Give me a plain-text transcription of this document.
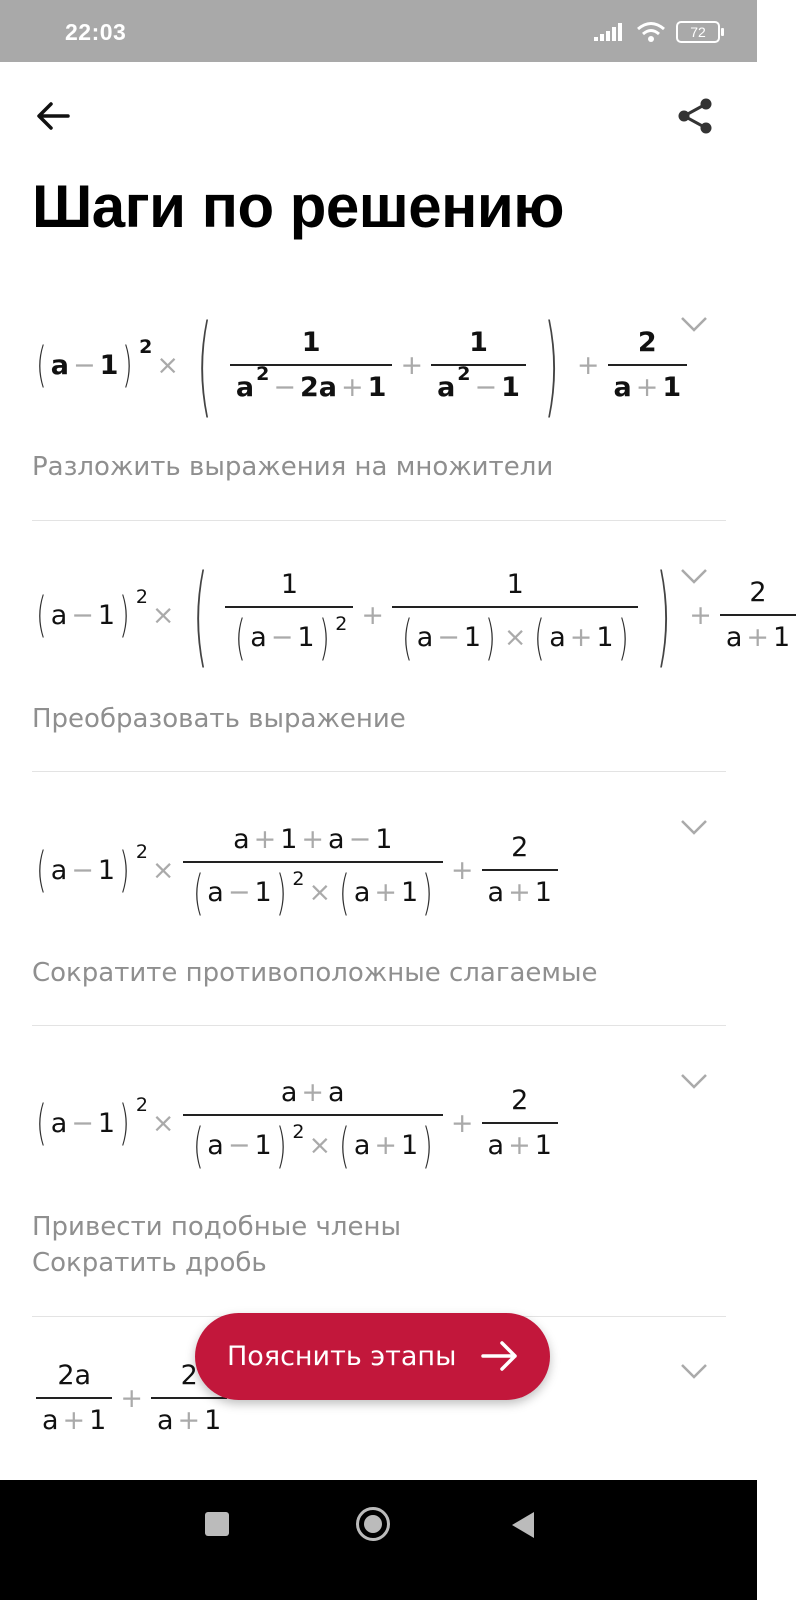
22:03	72
Шаги по решению
( a − 1 ) 2
× ( $\frac{1}{a 2 - 2a + 1} + \frac{1}{a 2 - 1}$ ) + $\frac{2}{a + 1}$
Разложить выражения на множители
( a − 1 ) 2
× ( $\frac{1}{( a - 1 ) 2} + \frac{1}{( a - 1 ) \times ( a + 1 )}$ ) + $\frac{2}{a + 1}$
Преобразовать выражение
( a − 1 ) 2
× $\frac{a + 1 + a - 1}{( a - 1 ) 2 \times ( a + 1 )} + \frac{2}{a + 1}$
Сократите противоположные слагаемые
( a − 1 ) 2
× $\frac{a + a}{( a - 1 ) 2 \times ( a + 1 )} + \frac{2}{a + 1}$
Привести подобные члены
Сократить дробь
$\frac{2a}{a + 1} + \frac{2}{a + 1}$
Пояснить этапы
